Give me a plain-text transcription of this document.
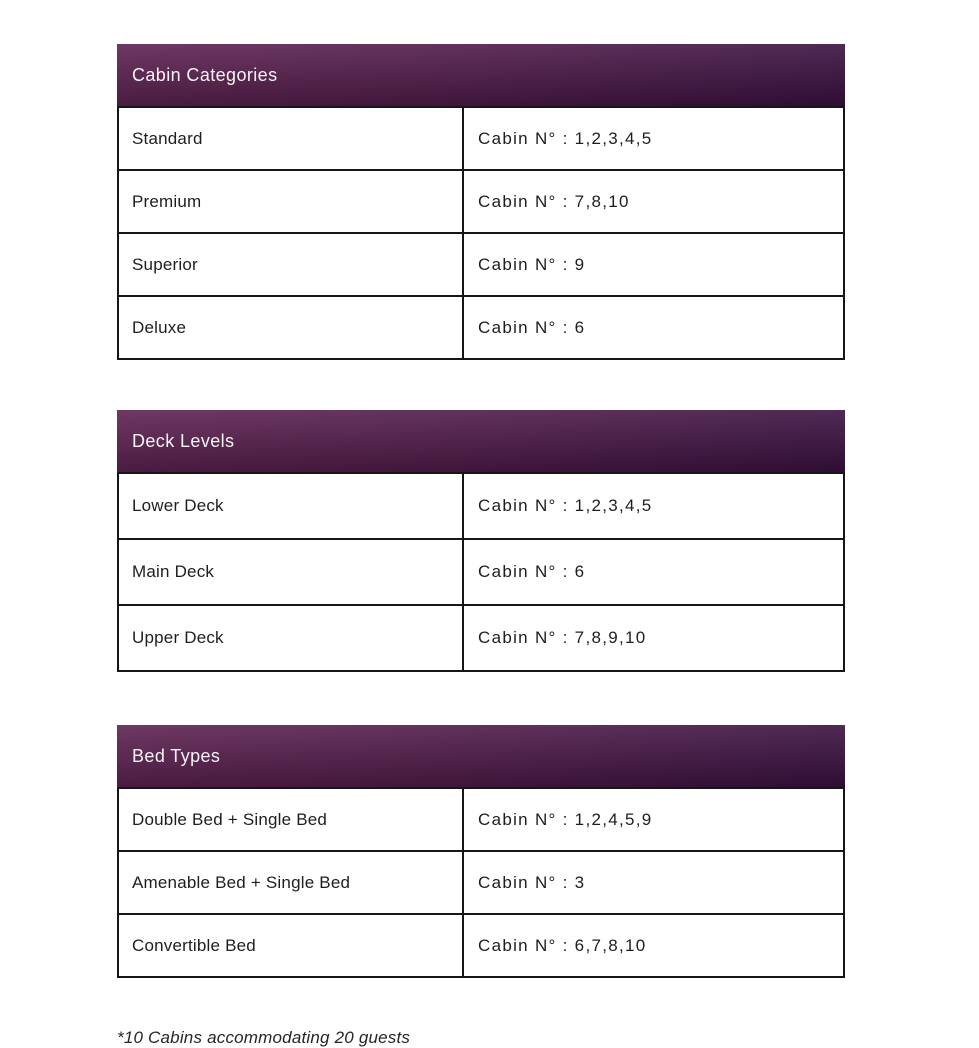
Cabin Categories
Standard	Cabin N° : 1,2,3,4,5
Premium	Cabin N° : 7,8,10
Superior	Cabin N° : 9
Deluxe	Cabin N° : 6
Deck Levels
Lower Deck	Cabin N° : 1,2,3,4,5
Main Deck	Cabin N° : 6
Upper Deck	Cabin N° : 7,8,9,10
Bed Types
Double Bed + Single Bed	Cabin N° : 1,2,4,5,9
Amenable Bed + Single Bed	Cabin N° : 3
Convertible Bed	Cabin N° : 6,7,8,10
*10 Cabins accommodating 20 guests
